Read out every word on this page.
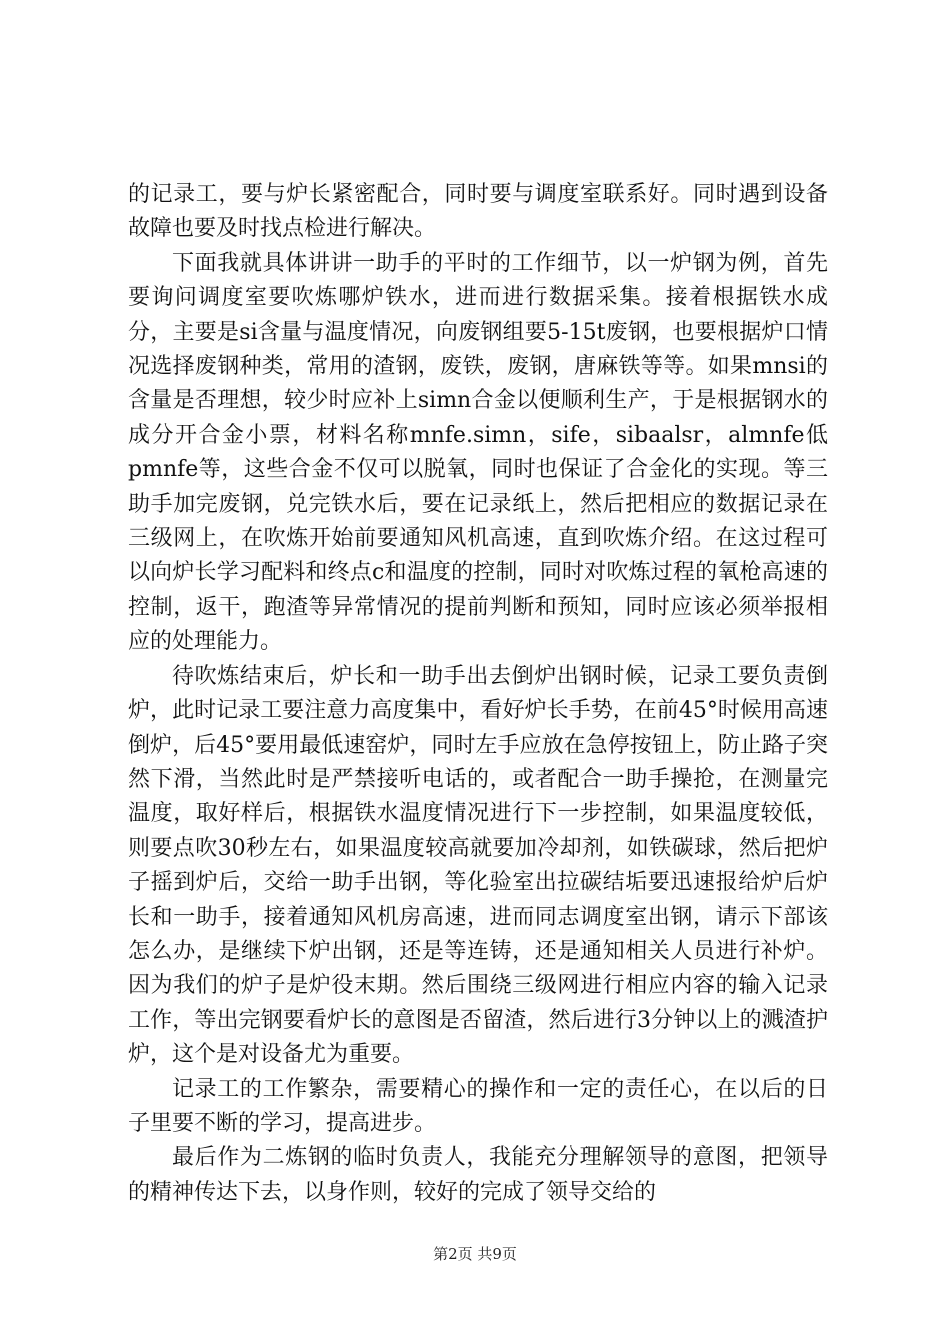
的记录工，要与炉长紧密配合，同时要与调度室联系好。同时遇到设备故障也要及时找点检进行解决。

下面我就具体讲讲一助手的平时的工作细节，以一炉钢为例，首先要询问调度室要吹炼哪炉铁水，进而进行数据采集。接着根据铁水成分，主要是si含量与温度情况，向废钢组要5-15t废钢，也要根据炉口情况选择废钢种类，常用的渣钢，废铁，废钢，唐麻铁等等。如果mnsi的含量是否理想，较少时应补上simn合金以便顺利生产，于是根据钢水的成分开合金小票，材料名称mnfe.simn，sife，sibaalsr，almnfe低pmnfe等，这些合金不仅可以脱氧，同时也保证了合金化的实现。等三助手加完废钢，兑完铁水后，要在记录纸上，然后把相应的数据记录在三级网上，在吹炼开始前要通知风机高速，直到吹炼介绍。在这过程可以向炉长学习配料和终点c和温度的控制，同时对吹炼过程的氧枪高速的控制，返干，跑渣等异常情况的提前判断和预知，同时应该必须举报相应的处理能力。

待吹炼结束后，炉长和一助手出去倒炉出钢时候，记录工要负责倒炉，此时记录工要注意力高度集中，看好炉长手势，在前45°时候用高速倒炉，后45°要用最低速窑炉，同时左手应放在急停按钮上，防止路子突然下滑，当然此时是严禁接听电话的，或者配合一助手操抢，在测量完温度，取好样后，根据铁水温度情况进行下一步控制，如果温度较低，则要点吹30秒左右，如果温度较高就要加冷却剂，如铁碳球，然后把炉子摇到炉后，交给一助手出钢，等化验室出拉碳结垢要迅速报给炉后炉长和一助手，接着通知风机房高速，进而同志调度室出钢，请示下部该怎么办，是继续下炉出钢，还是等连铸，还是通知相关人员进行补炉。因为我们的炉子是炉役末期。然后围绕三级网进行相应内容的输入记录工作，等出完钢要看炉长的意图是否留渣，然后进行3分钟以上的溅渣护炉，这个是对设备尤为重要。

记录工的工作繁杂，需要精心的操作和一定的责任心，在以后的日子里要不断的学习，提高进步。

最后作为二炼钢的临时负责人，我能充分理解领导的意图，把领导的精神传达下去，以身作则，较好的完成了领导交给的

第2页 共9页
